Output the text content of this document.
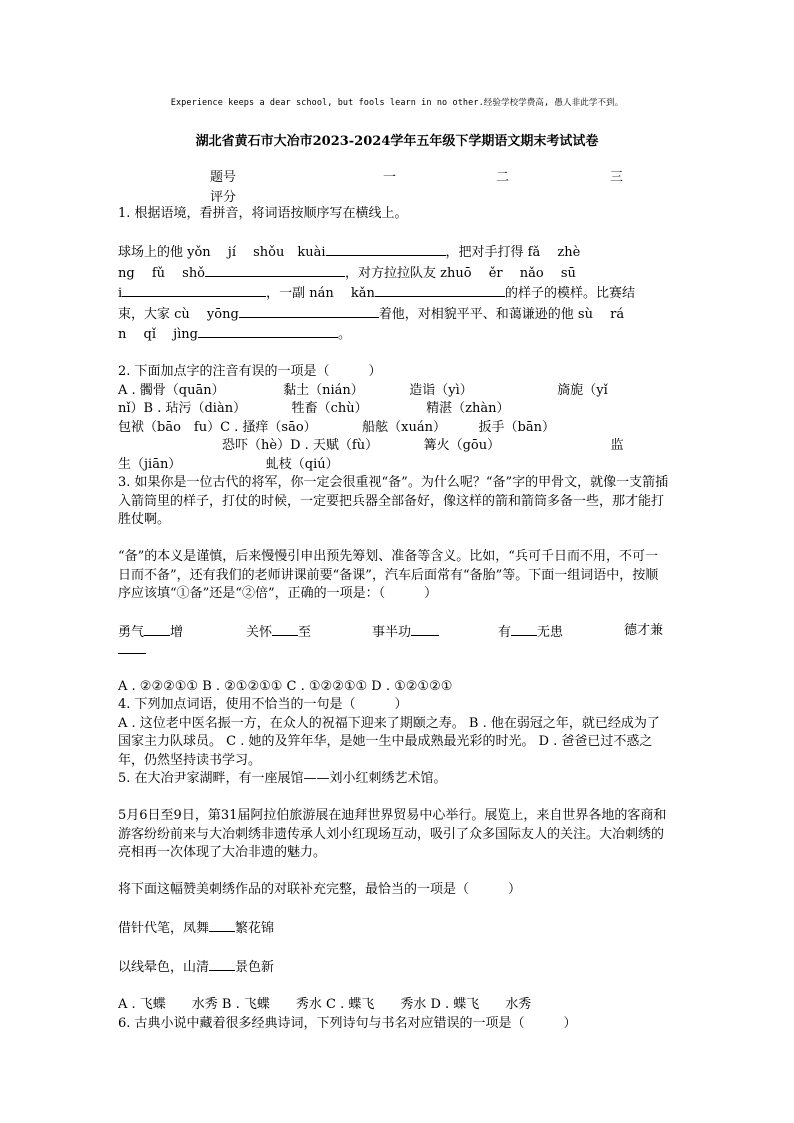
Experience keeps a dear school, but fools learn in no other.经验学校学费高, 愚人非此学不到。
湖北省黄石市大冶市2023-2024学年五年级下学期语文期末考试试卷
题号	一	二	三
评分

1. 根据语境，看拼音，将词语按顺序写在横线上。

球场上的他 yǒn　 jí　 shǒu　kuài	，把对手打得 fǎ　 zhè
ng　 fǔ　 shǒ	，对方拉拉队友 zhuō　 ěr　 nǎo　 sū
i	，一副 nán　 kǎn	的样子的模样。比赛结
束，大家 cù　 yōng	着他，对相貌平平、和蔼谦逊的他 sù　 rá
n　 qǐ　 jìng	。

2. 下面加点字的注音有误的一项是（　　　）

A . 髑骨（quān）　　　　　黏土（nián）　　　　造诣（yì）　　　　　　　旖旎（yǐ

nǐ）B . 玷污（diàn）　　　　牲畜（chù）　　　　　精湛（zhàn）

包袱（bāo　fu）C . 搔痒（sāo）　　　　船舷（xuán）　　　扳手（bān）

　　　　　　　　恐吓（hè）D . 天赋（fù）　　　　篝火（gōu）　　　　　　　　　监

生（jiān）　　　　　　　虬枝（qiú）

3. 如果你是一位古代的将军，你一定会很重视“备”。为什么呢？“备”字的甲骨文，就像一支箭插入箭筒里的样子，打仗的时候，一定要把兵器全部备好，像这样的箭和箭筒多备一些，那才能打胜仗啊。

“备”的本义是谨慎，后来慢慢引申出预先筹划、准备等含义。比如，“兵可千日而不用，不可一日而不备”，还有我们的老师讲课前要“备课”，汽车后面常有“备胎”等。下面一组词语中，按顺序应该填“①备”还是“②倍”，正确的一项是：（　　　）

勇气 增	关怀 至	事半功	有 无患	德才兼

A . ②②②①① B . ②①②①① C . ①②②①① D . ①②①②①

4. 下列加点词语，使用不恰当的一句是（　　　）

A . 这位老中医名振一方，在众人的祝福下迎来了期颐之寿。 B . 他在弱冠之年，就已经成为了国家主力队球员。 C . 她的及笄年华，是她一生中最成熟最光彩的时光。 D . 爸爸已过不惑之年，仍然坚持读书学习。

5. 在大冶尹家湖畔，有一座展馆——刘小红刺绣艺术馆。

5月6日至9日，第31届阿拉伯旅游展在迪拜世界贸易中心举行。展览上，来自世界各地的客商和游客纷纷前来与大冶刺绣非遗传承人刘小红现场互动，吸引了众多国际友人的关注。大冶刺绣的亮相再一次体现了大冶非遗的魅力。

将下面这幅赞美刺绣作品的对联补充完整，最恰当的一项是（　　　）

借针代笔，凤舞 繁花锦

以线晕色，山清 景色新

A . 飞蝶　　水秀 B . 飞蝶　　秀水 C . 蝶飞　　秀水 D . 蝶飞　　水秀

6. 古典小说中藏着很多经典诗词，下列诗句与书名对应错误的一项是（　　　）
